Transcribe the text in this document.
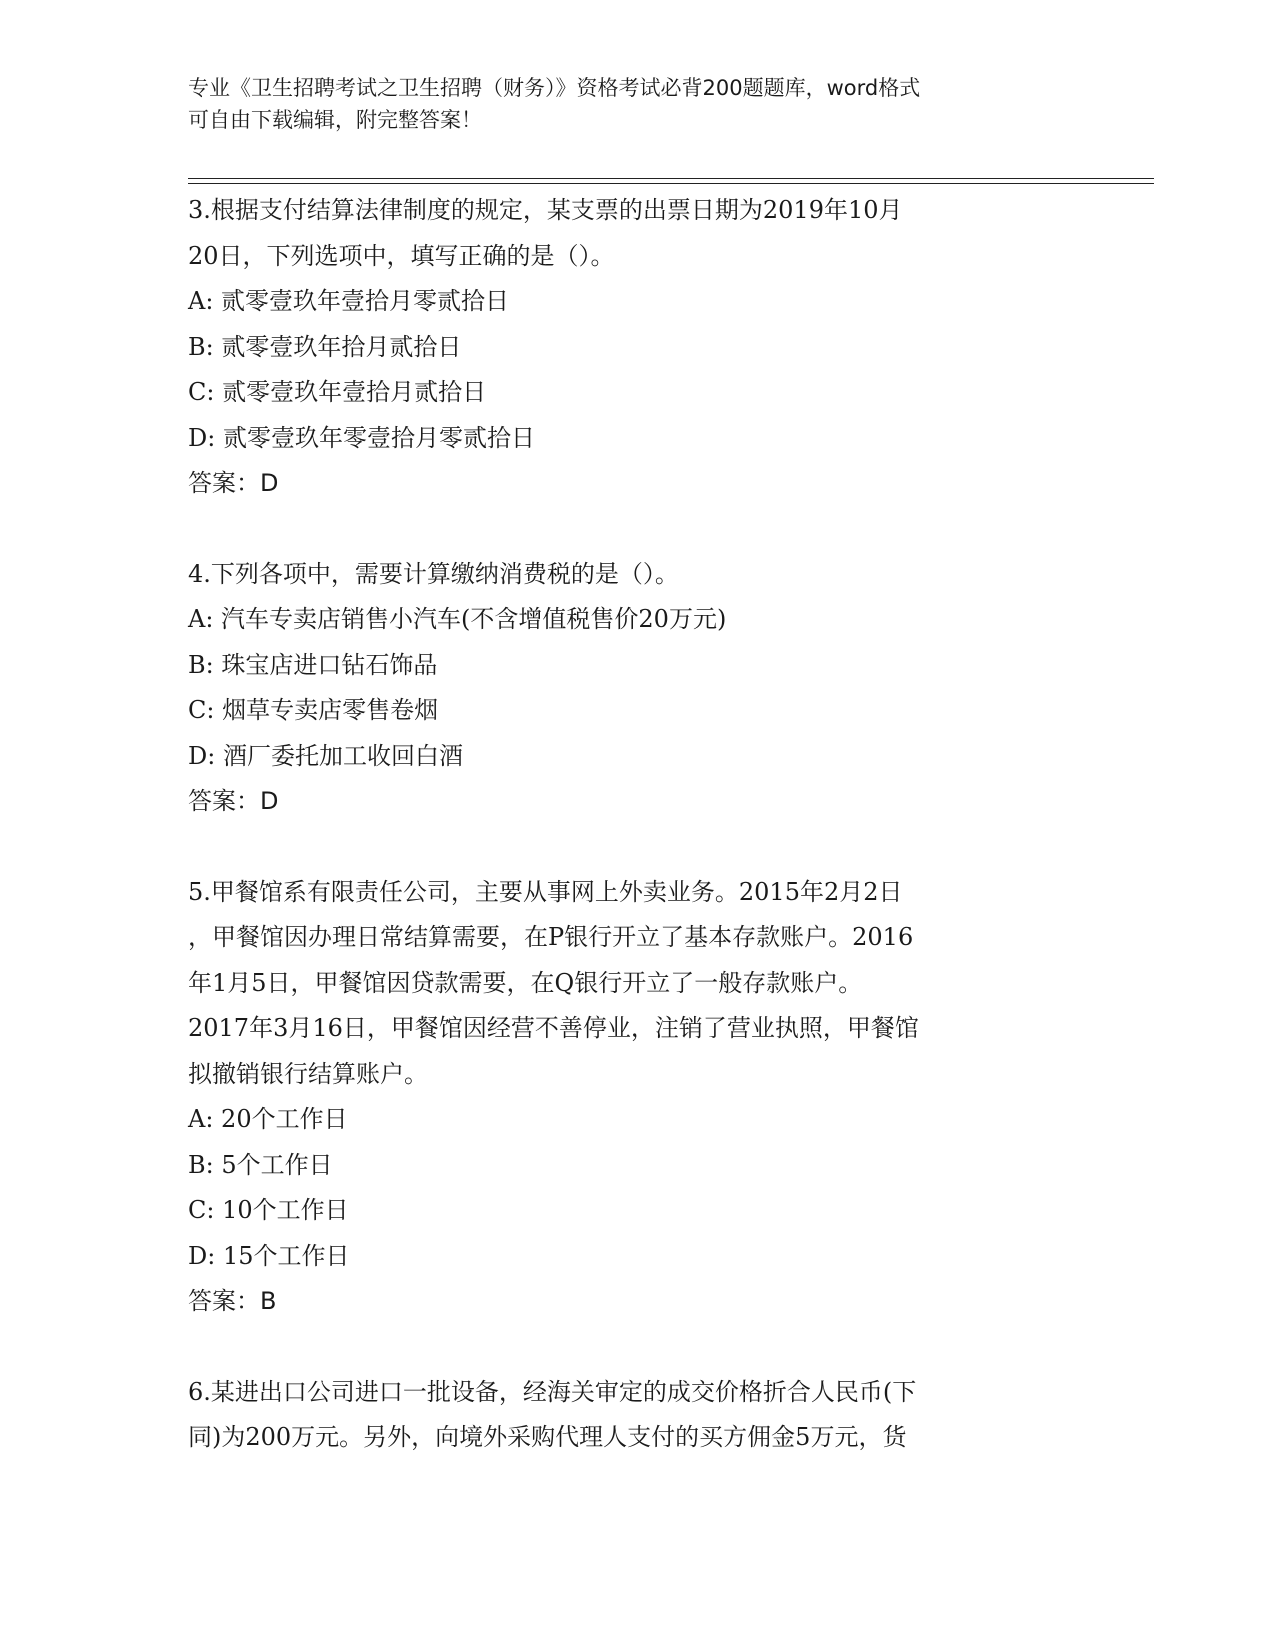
专业《卫生招聘考试之卫生招聘（财务）》资格考试必背200题题库，word格式
可自由下载编辑，附完整答案！
3.根据支付结算法律制度的规定，某支票的出票日期为2019年10月
20日，下列选项中，填写正确的是（）。
A: 贰零壹玖年壹拾月零贰拾日
B: 贰零壹玖年拾月贰拾日
C: 贰零壹玖年壹拾月贰拾日
D: 贰零壹玖年零壹拾月零贰拾日
答案：D
4.下列各项中，需要计算缴纳消费税的是（）。
A: 汽车专卖店销售小汽车(不含增值税售价20万元)
B: 珠宝店进口钻石饰品
C: 烟草专卖店零售卷烟
D: 酒厂委托加工收回白酒
答案：D
5.甲餐馆系有限责任公司，主要从事网上外卖业务。2015年2月2日
，甲餐馆因办理日常结算需要，在P银行开立了基本存款账户。2016
年1月5日，甲餐馆因贷款需要，在Q银行开立了一般存款账户。
2017年3月16日，甲餐馆因经营不善停业，注销了营业执照，甲餐馆
拟撤销银行结算账户。
A: 20个工作日
B: 5个工作日
C: 10个工作日
D: 15个工作日
答案：B
6.某进出口公司进口一批设备，经海关审定的成交价格折合人民币(下
同)为200万元。另外，向境外采购代理人支付的买方佣金5万元，货
